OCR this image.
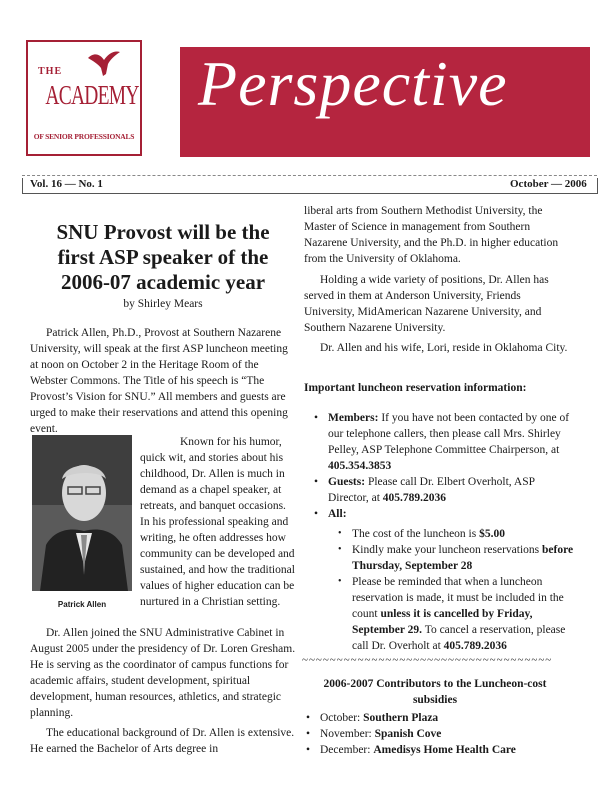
THE
ACADEMY
OF SENIOR PROFESSIONALS
Perspective
Vol. 16 — No. 1	October — 2006
SNU Provost will be the first ASP speaker of the 2006-07 academic year
by Shirley Mears
Patrick Allen, Ph.D., Provost at Southern Nazarene University, will speak at the first ASP luncheon meeting at noon on October 2 in the Heritage Room of the Webster Commons. The Title of his speech is “The Provost’s Vision for SNU.” All members and guests are urged to make their reservations and attend this opening event.
Patrick Allen
Known for his humor, quick wit, and stories about his childhood, Dr. Allen is much in demand as a chapel speaker, at retreats, and banquet occasions. In his professional speaking and writing, he often addresses how community can be developed and sustained, and how the traditional values of higher education can be nurtured in a Christian setting.
Dr. Allen joined the SNU Administrative Cabinet in August 2005 under the presidency of Dr. Loren Gresham. He is serving as the coordinator of campus functions for academic affairs, student development, spiritual development, human resources, athletics, and strategic planning.
The educational background of Dr. Allen is extensive. He earned the Bachelor of Arts degree in
liberal arts from Southern Methodist University, the Master of Science in management from Southern Nazarene University, and the Ph.D. in higher education from the University of Oklahoma.
Holding a wide variety of positions, Dr. Allen has served in them at Anderson University, Friends University, MidAmerican Nazarene University, and Southern Nazarene University.
Dr. Allen and his wife, Lori, reside in Oklahoma City.
Important luncheon reservation information:
• Members: If you have not been contacted by one of our telephone callers, then please call Mrs. Shirley Pelley, ASP Telephone Committee Chairperson, at 405.354.3853
• Guests: Please call Dr. Elbert Overholt, ASP Director, at 405.789.2036
• All:
• The cost of the luncheon is $5.00
• Kindly make your luncheon reservations before Thursday, September 28
• Please be reminded that when a luncheon reservation is made, it must be included in the count unless it is cancelled by Friday, September 29. To cancel a reservation, please call Dr. Overholt at 405.789.2036
~~~~~~~~~~~~~~~~~~~~~~~~~~~~~~~~~~~~
2006-2007 Contributors to the Luncheon-cost subsidies
• October: Southern Plaza
• November: Spanish Cove
• December: Amedisys Home Health Care
